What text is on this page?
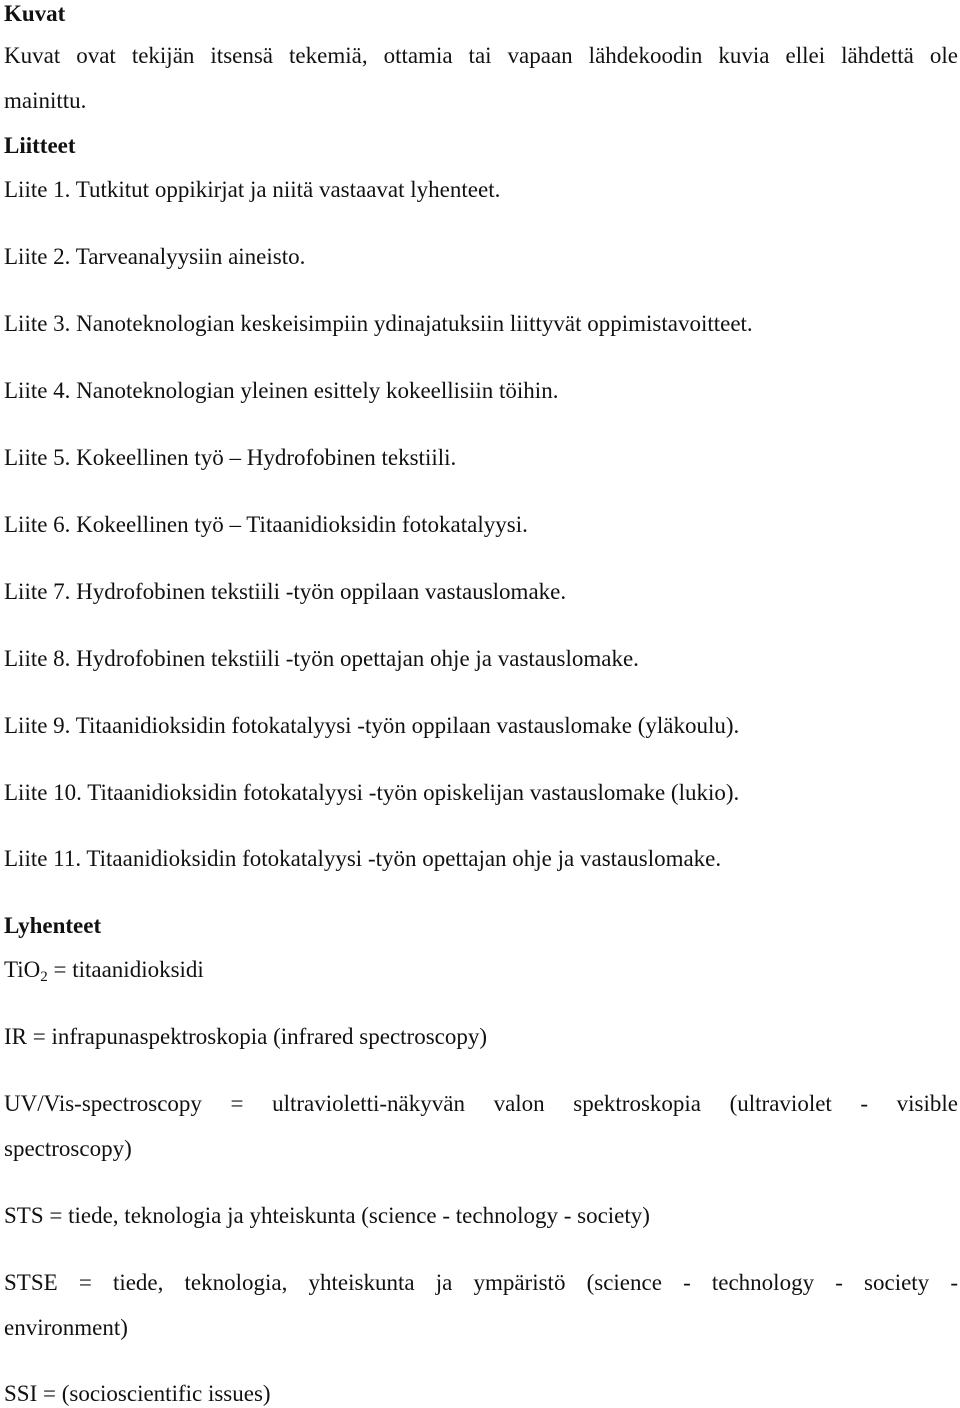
Kuvat
Kuvat ovat tekijän itsensä tekemiä, ottamia tai vapaan lähdekoodin kuvia ellei lähdettä ole
mainittu.
Liitteet
Liite 1. Tutkitut oppikirjat ja niitä vastaavat lyhenteet.
Liite 2. Tarveanalyysiin aineisto.
Liite 3. Nanoteknologian keskeisimpiin ydinajatuksiin liittyvät oppimistavoitteet.
Liite 4. Nanoteknologian yleinen esittely kokeellisiin töihin.
Liite 5. Kokeellinen työ – Hydrofobinen tekstiili.
Liite 6. Kokeellinen työ – Titaanidioksidin fotokatalyysi.
Liite 7. Hydrofobinen tekstiili -työn oppilaan vastauslomake.
Liite 8. Hydrofobinen tekstiili -työn opettajan ohje ja vastauslomake.
Liite 9. Titaanidioksidin fotokatalyysi -työn oppilaan vastauslomake (yläkoulu).
Liite 10. Titaanidioksidin fotokatalyysi -työn opiskelijan vastauslomake (lukio).
Liite 11. Titaanidioksidin fotokatalyysi -työn opettajan ohje ja vastauslomake.
Lyhenteet
TiO$_2$ = titaanidioksidi
IR = infrapunaspektroskopia (infrared spectroscopy)
UV/Vis-spectroscopy = ultravioletti-näkyvän valon spektroskopia (ultraviolet - visible
spectroscopy)
STS = tiede, teknologia ja yhteiskunta (science - technology - society)
STSE = tiede, teknologia, yhteiskunta ja ympäristö (science - technology - society -
environment)
SSI = (socioscientific issues)
